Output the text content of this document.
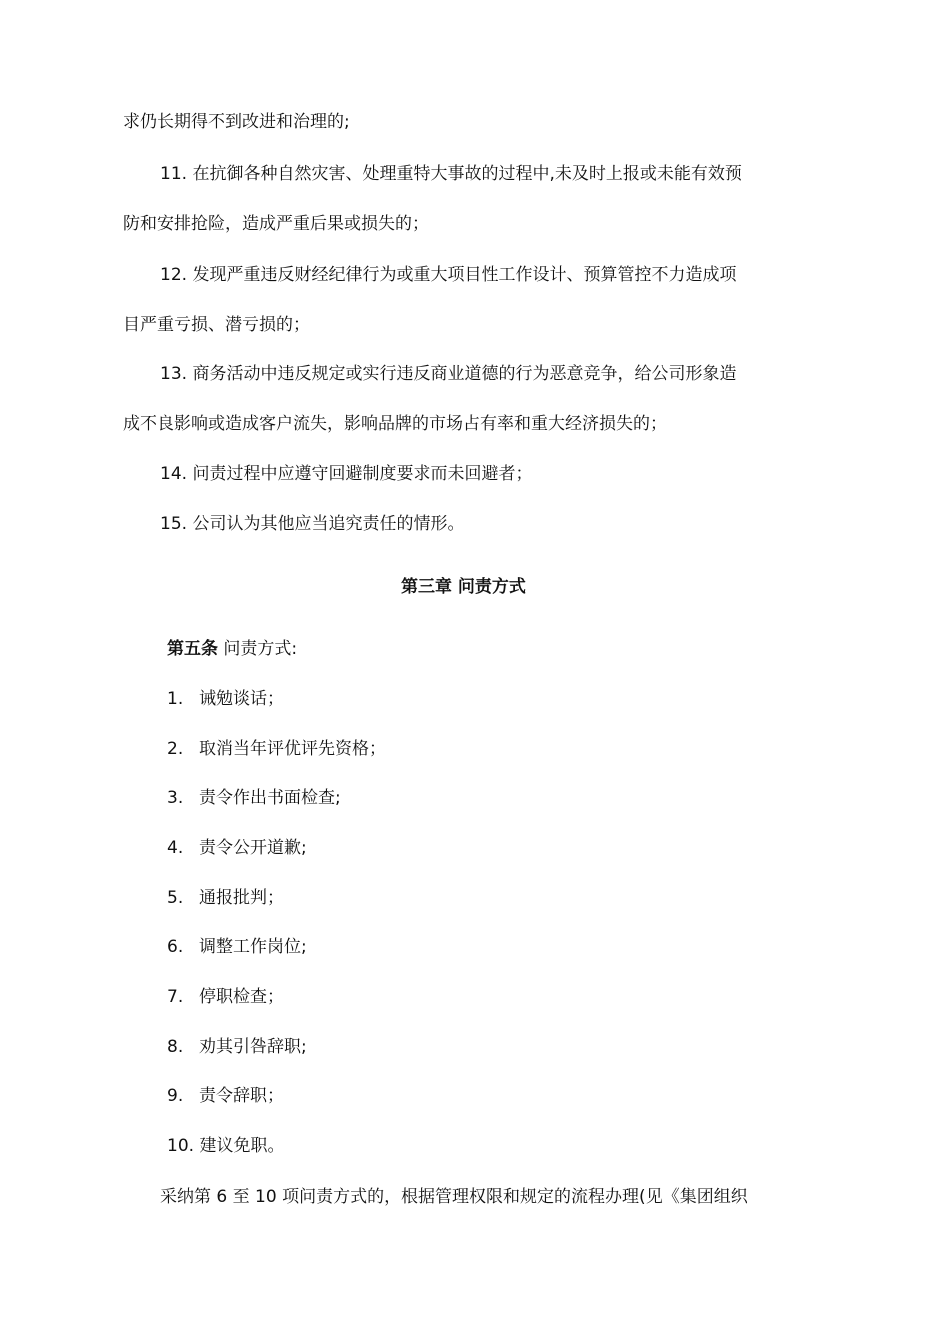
求仍长期得不到改进和治理的;
11. 在抗御各种自然灾害、处理重特大事故的过程中,未及时上报或未能有效预
防和安排抢险，造成严重后果或损失的；
12. 发现严重违反财经纪律行为或重大项目性工作设计、预算管控不力造成项
目严重亏损、潜亏损的；
13. 商务活动中违反规定或实行违反商业道德的行为恶意竞争，给公司形象造
成不良影响或造成客户流失，影响品牌的市场占有率和重大经济损失的；
14. 问责过程中应遵守回避制度要求而未回避者；
15. 公司认为其他应当追究责任的情形。
第三章 问责方式
第五条 问责方式:
1. 诫勉谈话；
2. 取消当年评优评先资格；
3. 责令作出书面检查;
4. 责令公开道歉;
5. 通报批判；
6. 调整工作岗位;
7. 停职检查；
8. 劝其引咎辞职;
9. 责令辞职；
10. 建议免职。
采纳第 6 至 10 项问责方式的，根据管理权限和规定的流程办理(见《集团组织
